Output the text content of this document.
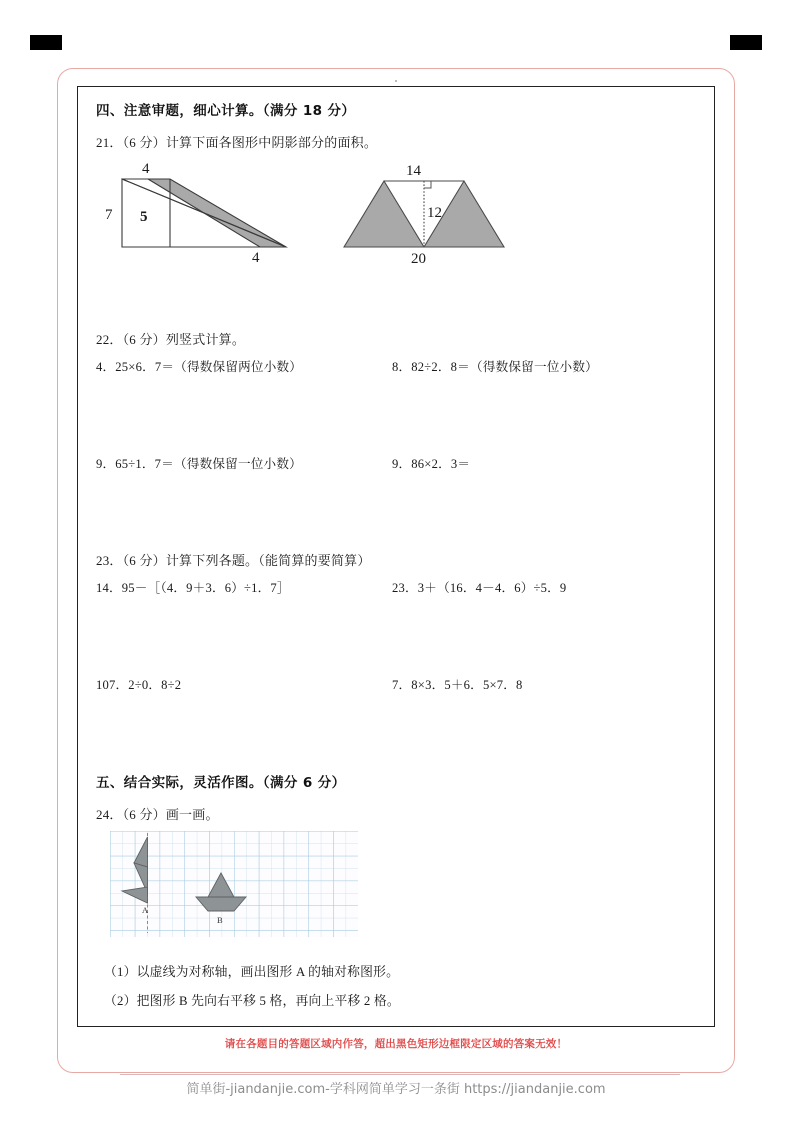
四、注意审题，细心计算。（满分 18 分）
21．（6 分）计算下面各图形中阴影部分的面积。
4
7 5
4
14
12
20
22．（6 分）列竖式计算。
4．25×6．7＝（得数保留两位小数）	8．82÷2．8＝（得数保留一位小数）
9．65÷1．7＝（得数保留一位小数）	9．86×2．3＝
23．（6 分）计算下列各题。（能简算的要简算）
14．95－［（4．9＋3．6）÷1．7］	23．3＋（16．4－4．6）÷5．9
107．2÷0．8÷2	7．8×3．5＋6．5×7．8
五、结合实际，灵活作图。（满分 6 分）
24．（6 分）画一画。
A
B
（1）以虚线为对称轴，画出图形 A 的轴对称图形。
（2）把图形 B 先向右平移 5 格，再向上平移 2 格。
请在各题目的答题区域内作答，超出黑色矩形边框限定区域的答案无效！
简单街-jiandanjie.com-学科网简单学习一条街 https://jiandanjie.com
